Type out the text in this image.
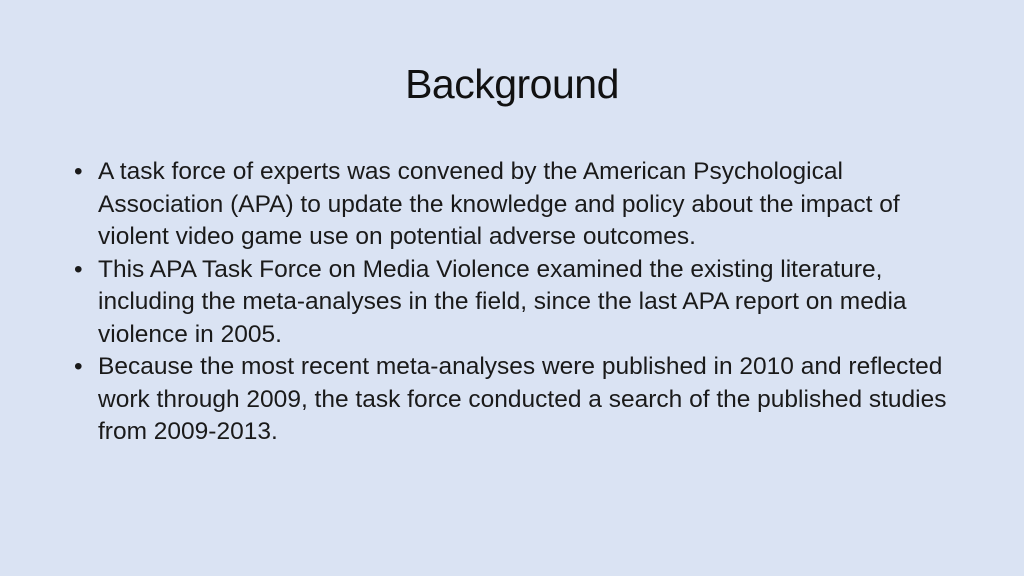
Background
• A task force of experts was convened by the American Psychological Association (APA) to update the knowledge and policy about the impact of violent video game use on potential adverse outcomes.
• This APA Task Force on Media Violence examined the existing literature, including the meta-analyses in the field, since the last APA report on media violence in 2005.
• Because the most recent meta-analyses were published in 2010 and reflected work through 2009, the task force conducted a search of the published studies from 2009-2013.
